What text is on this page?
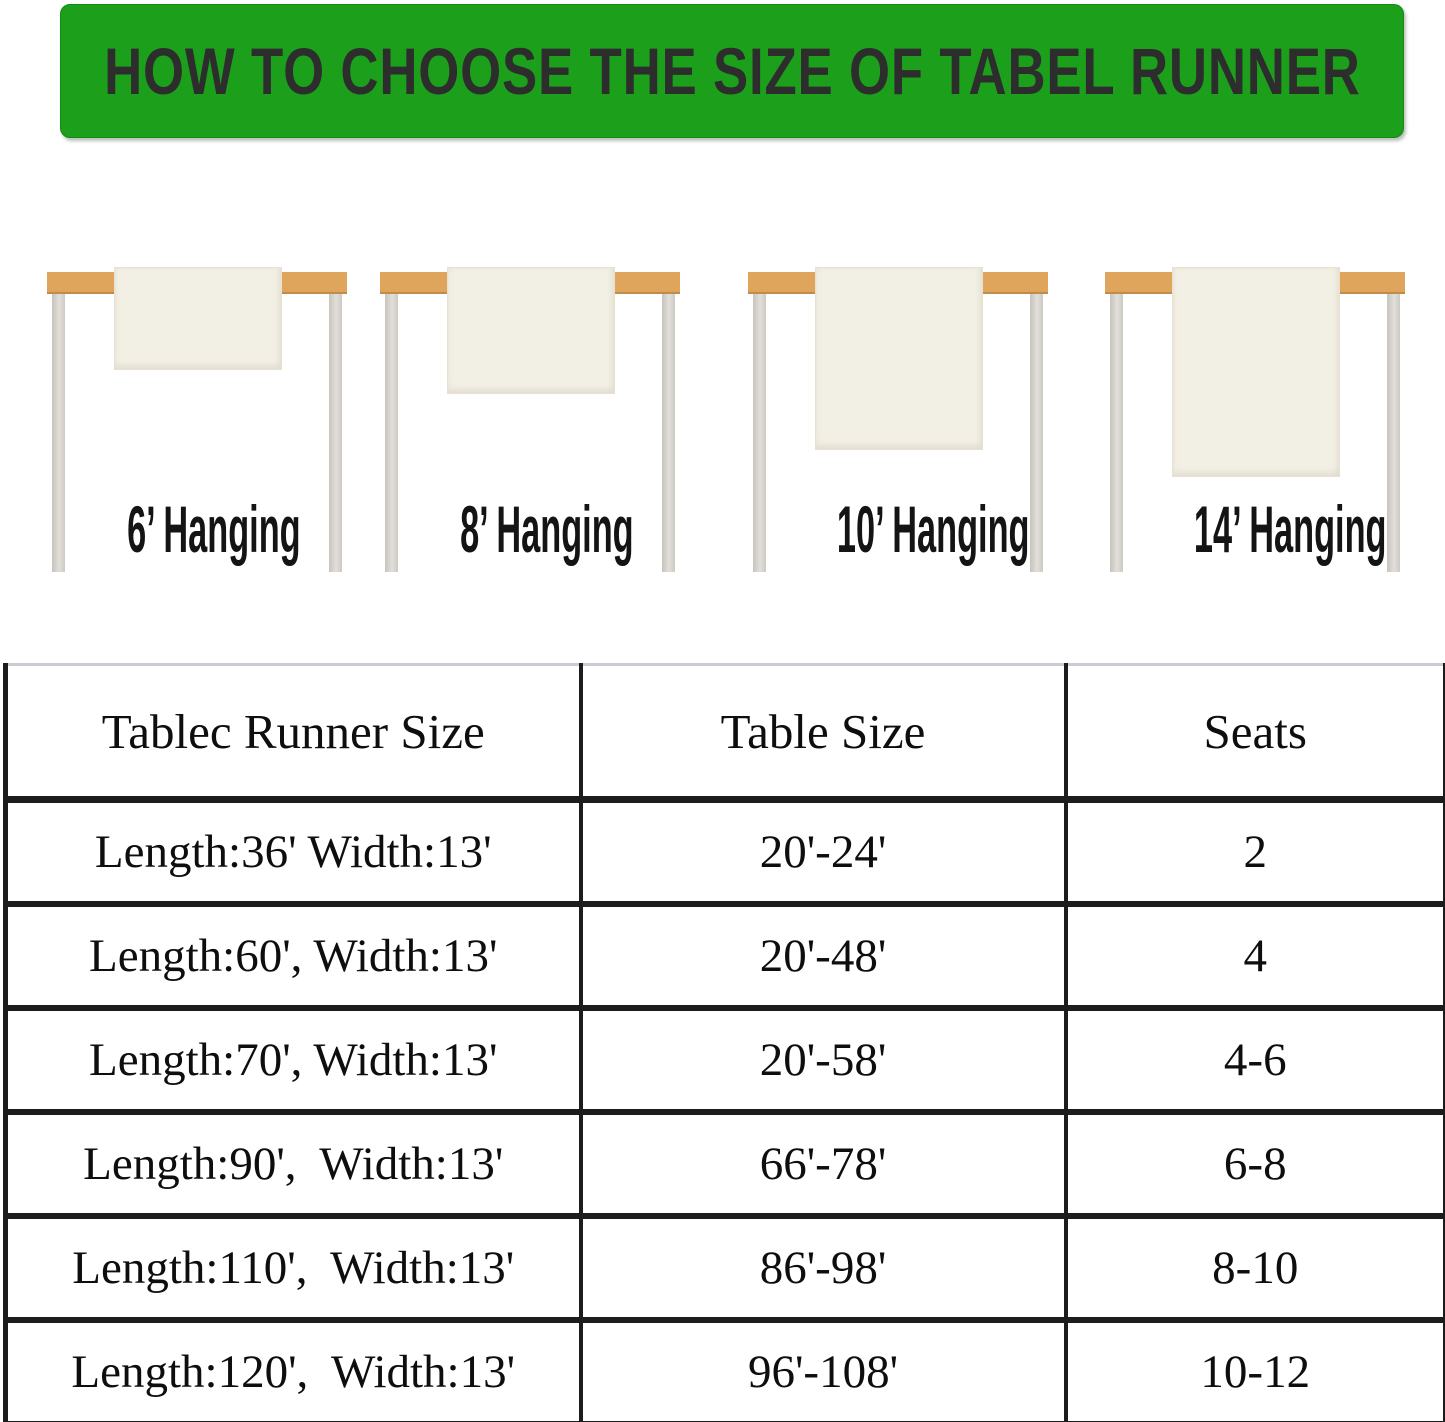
HOW TO CHOOSE THE SIZE OF TABEL RUNNER
6’ Hanging	8’ Hanging	10’ Hanging	14’ Hanging
Tablec Runner Size	Table Size	Seats
Length:36' Width:13'	20'-24'	2
Length:60', Width:13'	20'-48'	4
Length:70', Width:13'	20'-58'	4-6
Length:90',  Width:13'	66'-78'	6-8
Length:110',  Width:13'	86'-98'	8-10
Length:120',  Width:13'	96'-108'	10-12
